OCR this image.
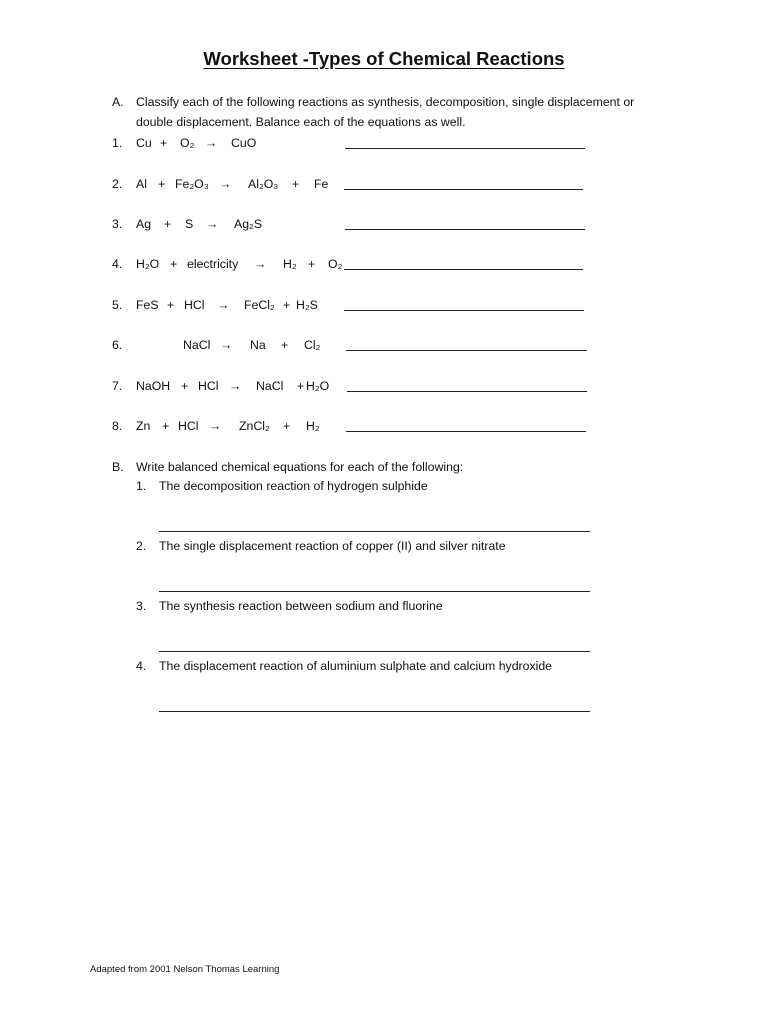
Worksheet -Types of Chemical Reactions
A. Classify each of the following reactions as synthesis, decomposition, single displacement or
double displacement. Balance each of the equations as well.
1. Cu + O₂ → CuO
2. Al + Fe₂O₃ → Al₂O₃ + Fe
3. Ag + S → Ag₂S
4. H₂O + electricity → H₂ + O₂
5. FeS + HCl → FeCl₂ + H₂S
6.	NaCl → Na + Cl₂
7. NaOH + HCl → NaCl + H₂O
8. Zn + HCl → ZnCl₂ + H₂
B. Write balanced chemical equations for each of the following:
1. The decomposition reaction of hydrogen sulphide
2. The single displacement reaction of copper (II) and silver nitrate
3. The synthesis reaction between sodium and fluorine
4. The displacement reaction of aluminium sulphate and calcium hydroxide
Adapted from 2001 Nelson Thomas Learning
